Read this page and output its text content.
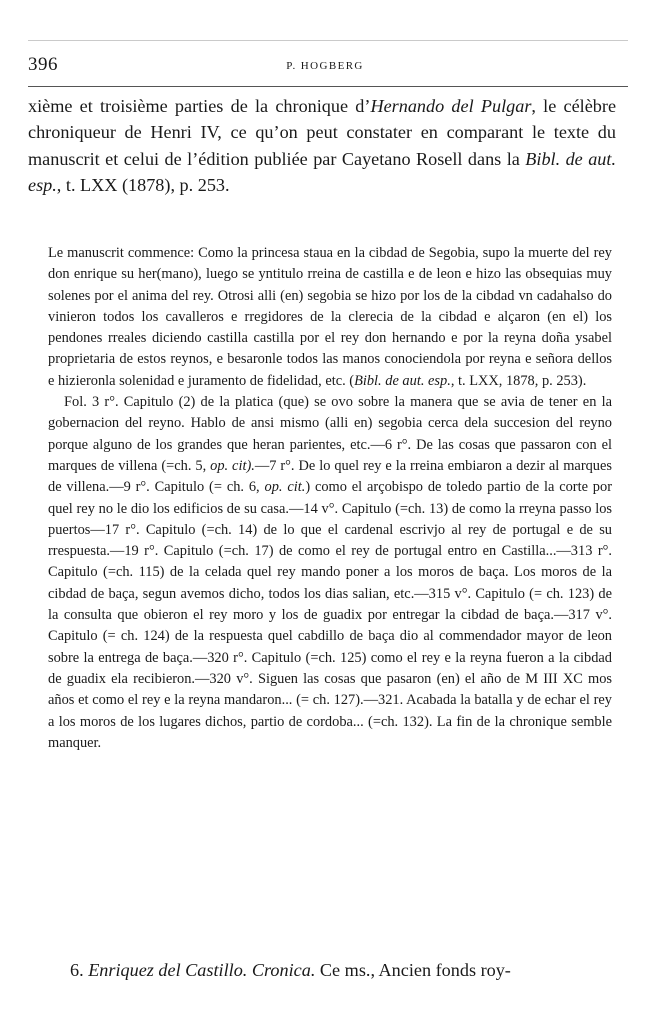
396	P. HOGBERG

xième et troisième parties de la chronique d’Hernando del Pulgar, le célèbre chroniqueur de Henri IV, ce qu’on peut constater en comparant le texte du manuscrit et celui de l’édition publiée par Cayetano Rosell dans la Bibl. de aut. esp., t. LXX (1878), p. 253.

Le manuscrit commence: Como la princesa staua en la cibdad de Segobia, supo la muerte del rey don enrique su her(mano), luego se yntitulo rreina de castilla e de leon e hizo las obsequias muy solenes por el anima del rey. Otrosi alli (en) segobia se hizo por los de la cibdad vn cadahalso do vinieron todos los cavalleros e rregidores de la clerecia de la cibdad e alçaron (en el) los pendones rreales diciendo castilla castilla por el rey don hernando e por la reyna doña ysabel proprietaria de estos reynos, e besaronle todos las manos conociendola por reyna e señora dellos e hizieronla solenidad e juramento de fidelidad, etc. (Bibl. de aut. esp., t. LXX, 1878, p. 253).

Fol. 3 r°. Capitulo (2) de la platica (que) se ovo sobre la manera que se avia de tener en la gobernacion del reyno. Hablo de ansi mismo (alli en) segobia cerca dela succesion del reyno porque alguno de los grandes que heran parientes, etc.—6 r°. De las cosas que passaron con el marques de villena (=ch. 5, op. cit).—7 r°. De lo quel rey e la rreina embiaron a dezir al marques de villena.—9 r°. Capitulo (= ch. 6, op. cit.) como el arçobispo de toledo partio de la corte por quel rey no le dio los edificios de su casa.—14 v°. Capitulo (=ch. 13) de como la rreyna passo los puertos—17 r°. Capitulo (=ch. 14) de lo que el cardenal escrivjo al rey de portugal e de su rrespuesta.—19 r°. Capitulo (=ch. 17) de como el rey de portugal entro en Castilla...—313 r°. Capitulo (=ch. 115) de la celada quel rey mando poner a los moros de baça. Los moros de la cibdad de baça, segun avemos dicho, todos los dias salian, etc.—315 v°. Capitulo (= ch. 123) de la consulta que obieron el rey moro y los de guadix por entregar la cibdad de baça.—317 v°. Capitulo (= ch. 124) de la respuesta quel cabdillo de baça dio al commendador mayor de leon sobre la entrega de baça.—320 r°. Capitulo (=ch. 125) como el rey e la reyna fueron a la cibdad de guadix ela recibieron.—320 v°. Siguen las cosas que pasaron (en) el año de M III XC mos años et como el rey e la reyna mandaron... (= ch. 127).—321. Acabada la batalla y de echar el rey a los moros de los lugares dichos, partio de cordoba... (=ch. 132). La fin de la chronique semble manquer.

6. Enriquez del Castillo. Cronica. Ce ms., Ancien fonds roy-
